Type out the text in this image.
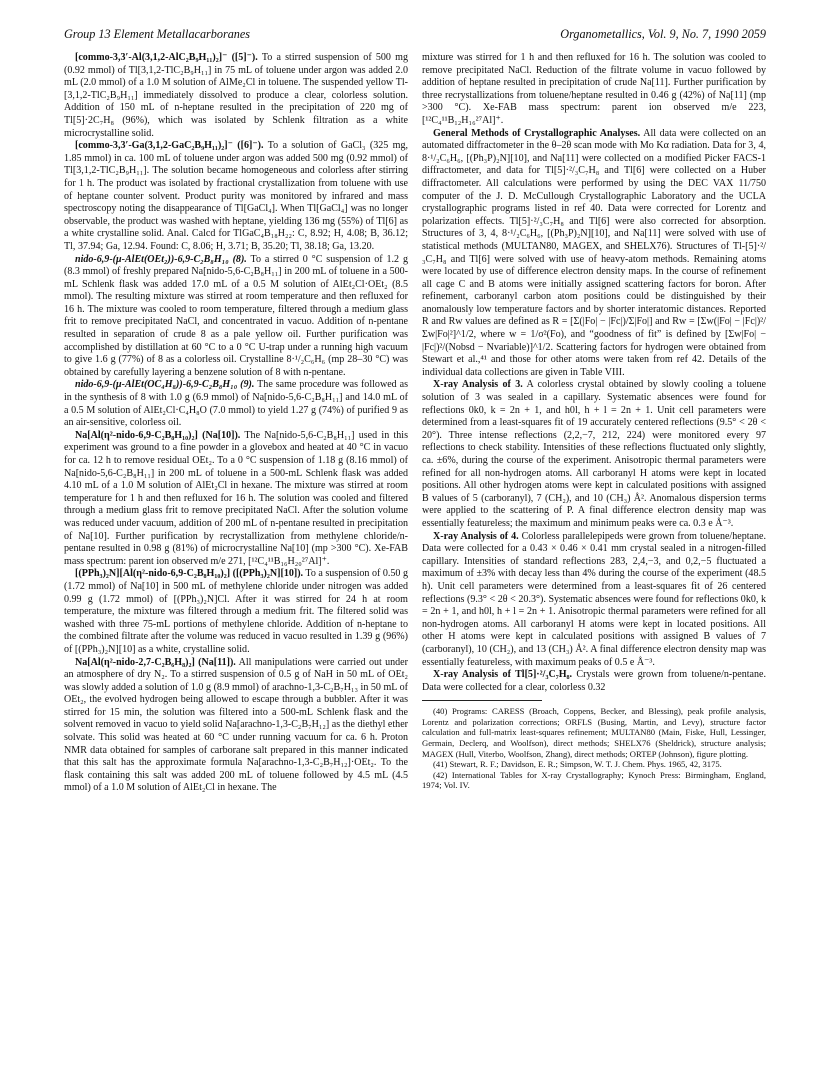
Group 13 Element Metallacarboranes	Organometallics, Vol. 9, No. 7, 1990 2059

[commo-3,3′-Al(3,1,2-AlC₂B₉H₁₁)₂]⁻ ([5]⁻). To a stirred suspension of 500 mg (0.92 mmol) of Tl[3,1,2-TlC₂B₉H₁₁] in 75 mL of toluene under argon was added 2.0 mL (2.0 mmol) of a 1.0 M solution of AlMe₂Cl in toluene. The suspended yellow Tl-[3,1,2-TlC₂B₉H₁₁] immediately dissolved to produce a clear, colorless solution. Addition of 150 mL of n-heptane resulted in the precipitation of 220 mg of Tl[5]·2C₇H₈ (96%), which was isolated by Schlenk filtration as a white microcrystalline solid.

[commo-3,3′-Ga(3,1,2-GaC₂B₉H₁₁)₂]⁻ ([6]⁻). To a solution of GaCl₃ (325 mg, 1.85 mmol) in ca. 100 mL of toluene under argon was added 500 mg (0.92 mmol) of Tl[3,1,2-TlC₂B₉H₁₁]. The solution became homogeneous and colorless after stirring for 1 h. The product was isolated by fractional crystallization from toluene with use of heptane counter solvent. Product purity was monitored by infrared and mass spectroscopy noting the disappearance of Tl[GaCl₄]. When Tl[GaCl₄] was no longer observable, the product was washed with heptane, yielding 136 mg (55%) of Tl[6] as a white crystalline solid. Anal. Calcd for TlGaC₄B₁₈H₂₂: C, 8.92; H, 4.08; B, 36.12; Tl, 37.94; Ga, 12.94. Found: C, 8.06; H, 3.71; B, 35.20; Tl, 38.18; Ga, 13.20.

nido-6,9-(μ-AlEt(OEt₂))-6,9-C₂B₈H₁₀ (8). To a stirred 0 °C suspension of 1.2 g (8.3 mmol) of freshly prepared Na[nido-5,6-C₂B₈H₁₁] in 200 mL of toluene in a 500-mL Schlenk flask was added 17.0 mL of a 0.5 M solution of AlEt₂Cl·OEt₂ (8.5 mmol). The resulting mixture was stirred at room temperature and then refluxed for 16 h. The mixture was cooled to room temperature, filtered through a medium glass frit to remove precipitated NaCl, and concentrated in vacuo. Addition of n-pentane resulted in separation of crude 8 as a pale yellow oil. Further purification was accomplished by distillation at 60 °C to a 0 °C U-trap under a running high vacuum to give 1.6 g (77%) of 8 as a colorless oil. Crystalline 8·¹/₂C₆H₆ (mp 28–30 °C) was obtained by carefully layering a benzene solution of 8 with n-pentane.

nido-6,9-(μ-AlEt(OC₄H₈))-6,9-C₂B₈H₁₀ (9). The same procedure was followed as in the synthesis of 8 with 1.0 g (6.9 mmol) of Na[nido-5,6-C₂B₈H₁₁] and 14.0 mL of a 0.5 M solution of AlEt₂Cl·C₄H₈O (7.0 mmol) to yield 1.27 g (74%) of purified 9 as an air-sensitive, colorless oil.

Na[Al(η²-nido-6,9-C₂B₈H₁₀)₂] (Na[10]). The Na[nido-5,6-C₂B₈H₁₁] used in this experiment was ground to a fine powder in a glovebox and heated at 40 °C in vacuo for ca. 12 h to remove residual OEt₂. To a 0 °C suspension of 1.18 g (8.16 mmol) of Na[nido-5,6-C₂B₈H₁₁] in 200 mL of toluene in a 500-mL Schlenk flask was added 4.10 mL of a 1.0 M solution of AlEt₂Cl in hexane. The mixture was stirred at room temperature for 1 h and then refluxed for 16 h. The solution was cooled and filtered through a medium glass frit to remove precipitated NaCl. After the solution volume was reduced under vacuum, addition of 200 mL of n-pentane resulted in precipitation of Na[10]. Further purification by recrystallization from methylene chloride/n-pentane resulted in 0.98 g (81%) of microcrystalline Na[10] (mp >300 °C). Xe-FAB mass spectrum: parent ion observed m/e 271, [¹²C₄¹¹B₁₆H₂₀²⁷Al]⁺.

[(PPh₃)₂N][Al(η²-nido-6,9-C₂B₈H₁₀)₂] ([(PPh₃)₂N][10]). To a suspension of 0.50 g (1.72 mmol) of Na[10] in 500 mL of methylene chloride under nitrogen was added 0.99 g (1.72 mmol) of [(PPh₃)₂N]Cl. After it was stirred for 24 h at room temperature, the mixture was filtered through a medium frit. The filtered solid was washed with three 75-mL portions of methylene chloride. Addition of n-heptane to the combined filtrate after the volume was reduced in vacuo resulted in 1.39 g (96%) of [(PPh₃)₂N][10] as a white, crystalline solid.

Na[Al(η²-nido-2,7-C₂B₆H₈)₂] (Na[11]). All manipulations were carried out under an atmosphere of dry N₂. To a stirred suspension of 0.5 g of NaH in 50 mL of OEt₂ was slowly added a solution of 1.0 g (8.9 mmol) of arachno-1,3-C₂B₇H₁₃ in 50 mL of OEt₂, the evolved hydrogen being allowed to escape through a bubbler. After it was stirred for 15 min, the solution was filtered into a 500-mL Schlenk flask and the solvent removed in vacuo to yield solid Na[arachno-1,3-C₂B₇H₁₂] as the diethyl ether solvate. This solid was heated at 60 °C under running vacuum for ca. 6 h. Proton NMR data obtained for samples of carborane salt prepared in this manner indicated that this salt has the approximate formula Na[arachno-1,3-C₂B₇H₁₂]·OEt₂. To the flask containing this salt was added 200 mL of toluene followed by 4.5 mL (4.5 mmol) of a 1.0 M solution of AlEt₂Cl in hexane. The

mixture was stirred for 1 h and then refluxed for 16 h. The solution was cooled to remove precipitated NaCl. Reduction of the filtrate volume in vacuo followed by addition of heptane resulted in precipitation of crude Na[11]. Further purification by three recrystallizations from toluene/heptane resulted in 0.46 g (42%) of Na[11] (mp >300 °C). Xe-FAB mass spectrum: parent ion observed m/e 223, [¹²C₄¹¹B₁₂H₁₆²⁷Al]⁺.

General Methods of Crystallographic Analyses. All data were collected on an automated diffractometer in the θ–2θ scan mode with Mo Kα radiation. Data for 3, 4, 8·¹/₂C₆H₆, [(Ph₃P)₂N][10], and Na[11] were collected on a modified Picker FACS-1 diffractometer, and data for Tl[5]·²/₃C₇H₈ and Tl[6] were collected on a Huber diffractometer. All calculations were performed by using the DEC VAX 11/750 computer of the J. D. McCullough Crystallographic Laboratory and the UCLA crystallographic programs listed in ref 40. Data were corrected for Lorentz and polarization effects. Tl[5]·²/₃C₇H₈ and Tl[6] were also corrected for absorption. Structures of 3, 4, 8·¹/₂C₆H₆, [(Ph₃P)₂N][10], and Na[11] were solved with use of statistical methods (MULTAN80, MAGEX, and SHELX76). Structures of Tl-[5]·²/₃C₇H₈ and Tl[6] were solved with use of heavy-atom methods. Remaining atoms were located by use of difference electron density maps. In the course of refinement all cage C and B atoms were initially assigned scattering factors for boron. After refinement, carboranyl carbon atom positions could be distinguished by their anomalously low temperature factors and by shorter interatomic distances. Reported R and Rw values are defined as R = [Σ(|Fo| − |Fc|)/Σ|Fo|] and Rw = [Σw(|Fo| − |Fc|)²/Σw|Fo|²]^1/2, where w = 1/σ²(Fo), and “goodness of fit” is defined by [Σw|Fo| − |Fc|)²/(Nobsd − Nvariable)]^1/2. Scattering factors for hydrogen were obtained from Stewart et al.,⁴¹ and those for other atoms were taken from ref 42. Details of the individual data collections are given in Table VIII.

X-ray Analysis of 3. A colorless crystal obtained by slowly cooling a toluene solution of 3 was sealed in a capillary. Systematic absences were found for reflections 0k0, k = 2n + 1, and h0l, h + l = 2n + 1. Unit cell parameters were determined from a least-squares fit of 19 accurately centered reflections (9.5° < 2θ < 20°). Three intense reflections (2,2,−7, 212, 224) were monitored every 97 reflections to check stability. Intensities of these reflections fluctuated only slightly, ca. ±6%, during the course of the experiment. Anisotropic thermal parameters were refined for all non-hydrogen atoms. All carboranyl H atoms were kept in located positions. All other hydrogen atoms were kept in calculated positions with assigned B values of 5 (carboranyl), 7 (CH₂), and 10 (CH₃) Å². Anomalous dispersion terms were applied to the scattering of P. A final difference electron density map was essentially featureless; the maximum and minimum peaks were ca. 0.3 e Å⁻³.

X-ray Analysis of 4. Colorless parallelepipeds were grown from toluene/heptane. Data were collected for a 0.43 × 0.46 × 0.41 mm crystal sealed in a nitrogen-filled capillary. Intensities of standard reflections 283, 2,4,−3, and 0,2,−5 fluctuated a maximum of ±3% with decay less than 4% during the course of the experiment (48.5 h). Unit cell parameters were determined from a least-squares fit of 26 centered reflections (9.3° < 2θ < 20.3°). Systematic absences were found for reflections 0k0, k = 2n + 1, and h0l, h + l = 2n + 1. Anisotropic thermal parameters were refined for all non-hydrogen atoms. All carboranyl H atoms were kept in located positions. All other H atoms were kept in calculated positions with assigned B values of 7 (carboranyl), 10 (CH₂), and 13 (CH₃) Å². A final difference electron density map was essentially featureless, with maximum peaks of 0.5 e Å⁻³.

X-ray Analysis of Tl[5]·²/₃C₇H₈. Crystals were grown from toluene/n-pentane. Data were collected for a clear, colorless 0.32

(40) Programs: CARESS (Broach, Coppens, Becker, and Blessing), peak profile analysis, Lorentz and polarization corrections; ORFLS (Busing, Martin, and Levy), structure factor calculation and full-matrix least-squares refinement; MULTAN80 (Main, Fiske, Hull, Lessinger, Germain, Declerq, and Woolfson), direct methods; SHELX76 (Sheldrick), structure analysis; MAGEX (Hull, Viterbo, Woolfson, Zhang), direct methods; ORTEP (Johnson), figure plotting.

(41) Stewart, R. F.; Davidson, E. R.; Simpson, W. T. J. Chem. Phys. 1965, 42, 3175.

(42) International Tables for X-ray Crystallography; Kynoch Press: Birmingham, England, 1974; Vol. IV.
